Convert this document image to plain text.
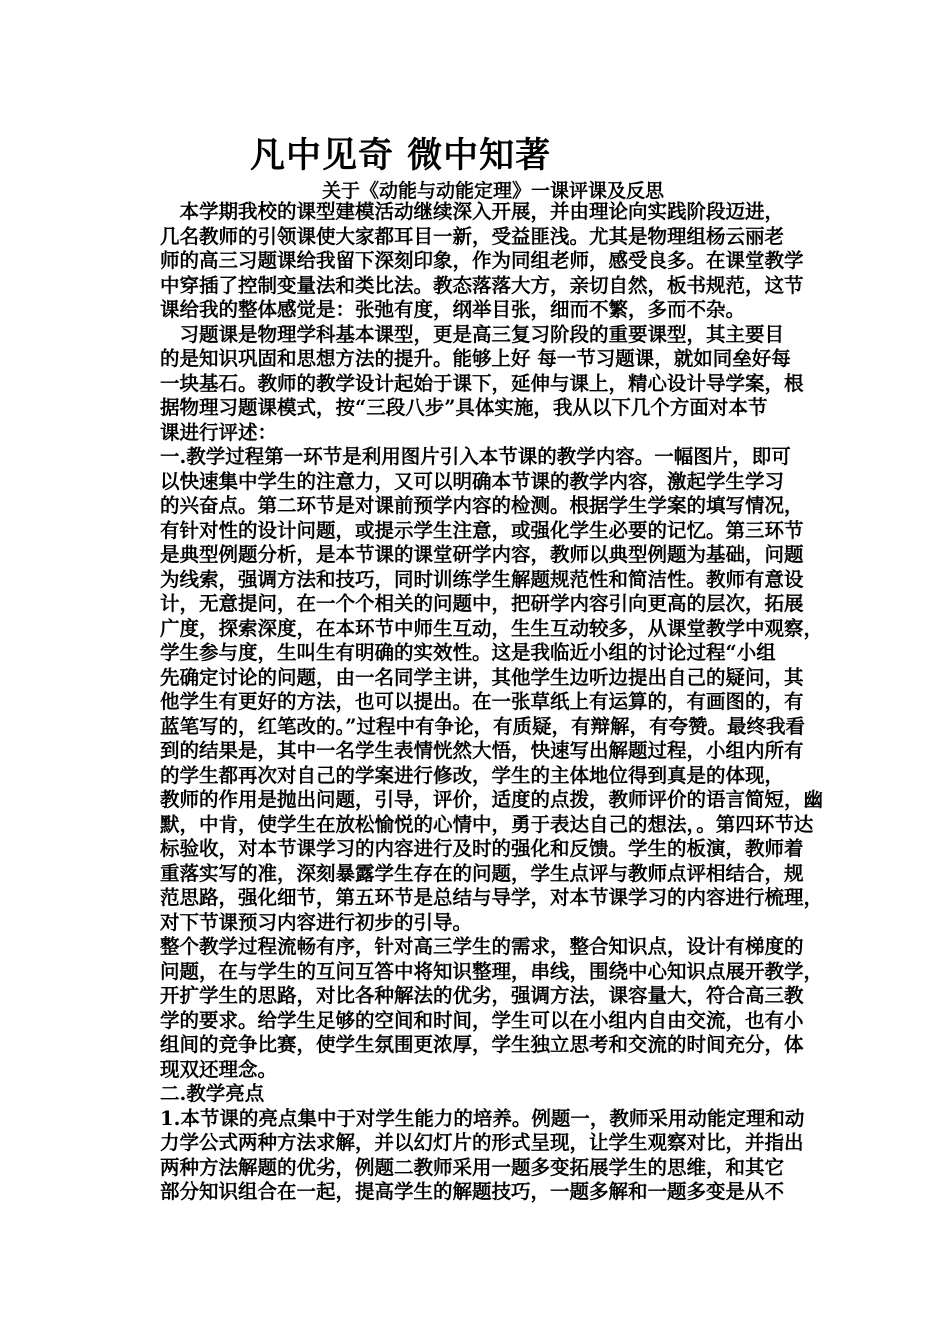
凡中见奇 微中知著
关于《动能与动能定理》一课评课及反思
　本学期我校的课型建模活动继续深入开展，并由理论向实践阶段迈进，
几名教师的引领课使大家都耳目一新，受益匪浅。尤其是物理组杨云丽老
师的高三习题课给我留下深刻印象，作为同组老师，感受良多。在课堂教学
中穿插了控制变量法和类比法。教态落落大方，亲切自然，板书规范，这节
课给我的整体感觉是：张弛有度，纲举目张，细而不繁，多而不杂。
　习题课是物理学科基本课型，更是高三复习阶段的重要课型，其主要目
的是知识巩固和思想方法的提升。能够上好 每一节习题课，就如同垒好每
一块基石。教师的教学设计起始于课下，延伸与课上，精心设计导学案，根
据物理习题课模式，按“三段八步”具体实施，我从以下几个方面对本节
课进行评述：
一.教学过程第一环节是利用图片引入本节课的教学内容。一幅图片，即可
以快速集中学生的注意力，又可以明确本节课的教学内容，激起学生学习
的兴奋点。第二环节是对课前预学内容的检测。根据学生学案的填写情况，
有针对性的设计问题，或提示学生注意，或强化学生必要的记忆。第三环节
是典型例题分析，是本节课的课堂研学内容，教师以典型例题为基础，问题
为线索，强调方法和技巧，同时训练学生解题规范性和简洁性。教师有意设
计，无意提问，在一个个相关的问题中，把研学内容引向更高的层次，拓展
广度，探索深度，在本环节中师生互动，生生互动较多，从课堂教学中观察，
学生参与度，生叫生有明确的实效性。这是我临近小组的讨论过程“小组
先确定讨论的问题，由一名同学主讲，其他学生边听边提出自己的疑问，其
他学生有更好的方法，也可以提出。在一张草纸上有运算的，有画图的，有
蓝笔写的，红笔改的。”过程中有争论，有质疑，有辩解，有夸赞。最终我看
到的结果是，其中一名学生表情恍然大悟，快速写出解题过程，小组内所有
的学生都再次对自己的学案进行修改，学生的主体地位得到真是的体现，
教师的作用是抛出问题，引导，评价，适度的点拨，教师评价的语言简短，幽
默，中肯，使学生在放松愉悦的心情中，勇于表达自己的想法，。第四环节达
标验收，对本节课学习的内容进行及时的强化和反馈。学生的板演，教师着
重落实写的准，深刻暴露学生存在的问题，学生点评与教师点评相结合，规
范思路，强化细节，第五环节是总结与导学，对本节课学习的内容进行梳理，
对下节课预习内容进行初步的引导。
整个教学过程流畅有序，针对高三学生的需求，整合知识点，设计有梯度的
问题，在与学生的互问互答中将知识整理，串线，围绕中心知识点展开教学，
开扩学生的思路，对比各种解法的优劣，强调方法，课容量大，符合高三教
学的要求。给学生足够的空间和时间，学生可以在小组内自由交流，也有小
组间的竞争比赛，使学生氛围更浓厚，学生独立思考和交流的时间充分，体
现双还理念。
二.教学亮点
1.本节课的亮点集中于对学生能力的培养。例题一，教师采用动能定理和动
力学公式两种方法求解，并以幻灯片的形式呈现，让学生观察对比，并指出
两种方法解题的优劣，例题二教师采用一题多变拓展学生的思维，和其它
部分知识组合在一起，提高学生的解题技巧，一题多解和一题多变是从不
